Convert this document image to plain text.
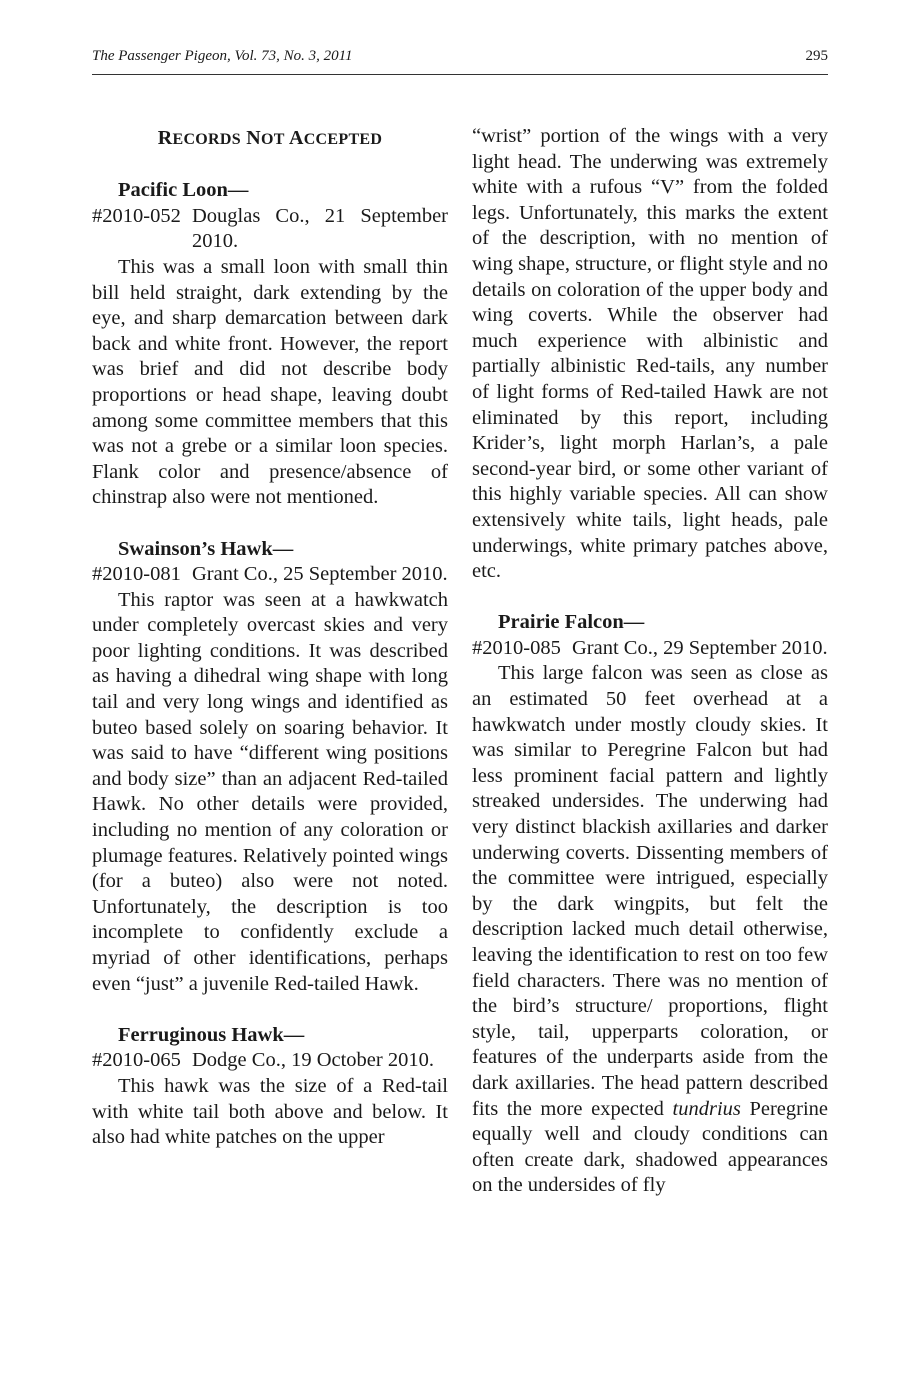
The Passenger Pigeon, Vol. 73, No. 3, 2011	295
RECORDS NOT ACCEPTED
Pacific Loon—
#2010-052 Douglas Co., 21 September 2010.

This was a small loon with small thin bill held straight, dark extending by the eye, and sharp demarcation between dark back and white front. However, the report was brief and did not describe body proportions or head shape, leaving doubt among some committee members that this was not a grebe or a similar loon species. Flank color and presence/absence of chinstrap also were not mentioned.

Swainson’s Hawk—
#2010-081 Grant Co., 25 September 2010.

This raptor was seen at a hawkwatch under completely overcast skies and very poor lighting conditions. It was described as having a dihedral wing shape with long tail and very long wings and identified as buteo based solely on soaring behavior. It was said to have “different wing positions and body size” than an adjacent Red-tailed Hawk. No other details were provided, including no mention of any coloration or plumage features. Relatively pointed wings (for a buteo) also were not noted. Unfortunately, the description is too incomplete to confidently exclude a myriad of other identifications, perhaps even “just” a juvenile Red-tailed Hawk.

Ferruginous Hawk—
#2010-065 Dodge Co., 19 October 2010.

This hawk was the size of a Red-tail with white tail both above and below. It also had white patches on the upper

“wrist” portion of the wings with a very light head. The underwing was extremely white with a rufous “V” from the folded legs. Unfortunately, this marks the extent of the description, with no mention of wing shape, structure, or flight style and no details on coloration of the upper body and wing coverts. While the observer had much experience with albinistic and partially albinistic Red-tails, any number of light forms of Red-tailed Hawk are not eliminated by this report, including Krider’s, light morph Harlan’s, a pale second-year bird, or some other variant of this highly variable species. All can show extensively white tails, light heads, pale underwings, white primary patches above, etc.

Prairie Falcon—
#2010-085 Grant Co., 29 September 2010.

This large falcon was seen as close as an estimated 50 feet overhead at a hawkwatch under mostly cloudy skies. It was similar to Peregrine Falcon but had less prominent facial pattern and lightly streaked undersides. The underwing had very distinct blackish axillaries and darker underwing coverts. Dissenting members of the committee were intrigued, especially by the dark wingpits, but felt the description lacked much detail otherwise, leaving the identification to rest on too few field characters. There was no mention of the bird’s structure/ proportions, flight style, tail, upperparts coloration, or features of the underparts aside from the dark axillaries. The head pattern described fits the more expected tundrius Peregrine equally well and cloudy conditions can often create dark, shadowed appearances on the undersides of fly
